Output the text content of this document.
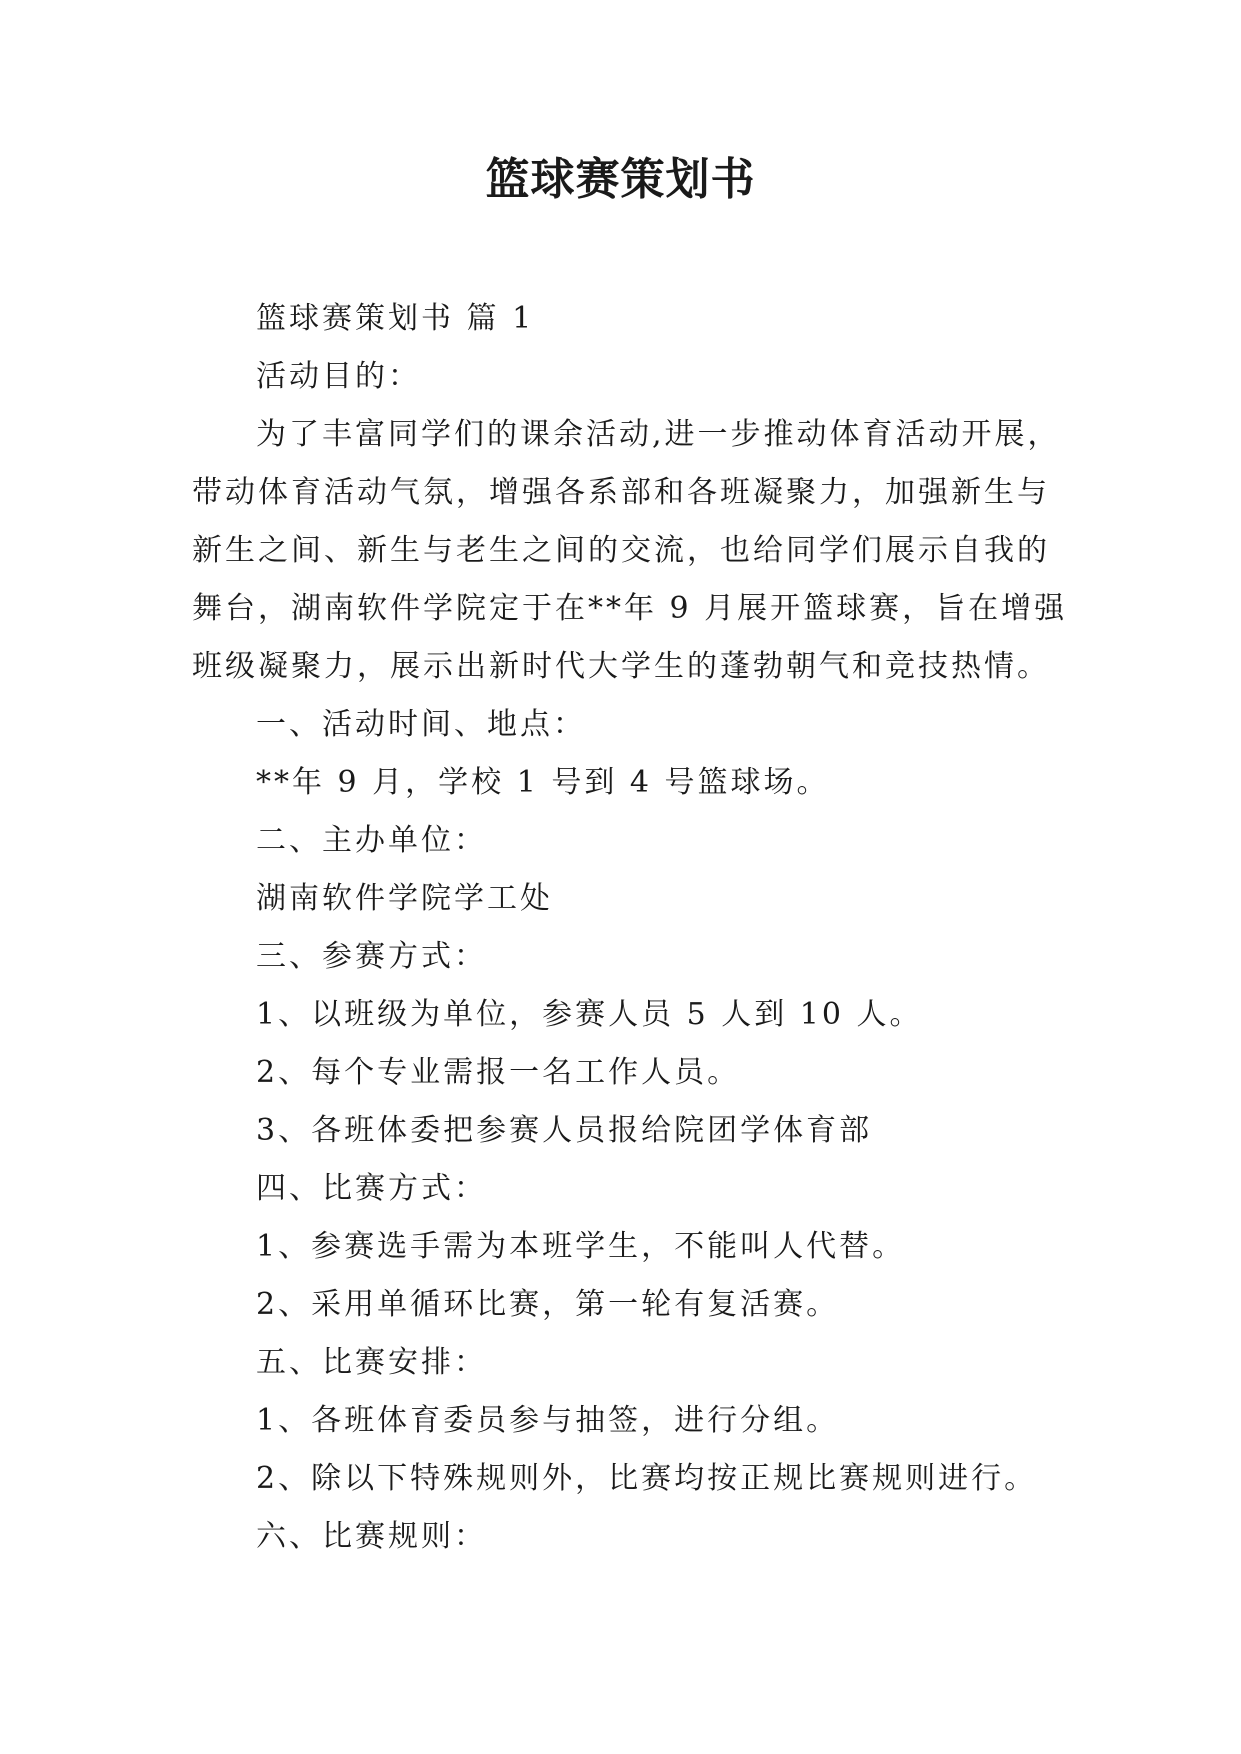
篮球赛策划书

篮球赛策划书 篇 1

活动目的：

为了丰富同学们的课余活动,进一步推动体育活动开展，

带动体育活动气氛，增强各系部和各班凝聚力，加强新生与

新生之间、新生与老生之间的交流，也给同学们展示自我的

舞台，湖南软件学院定于在**年 9 月展开篮球赛，旨在增强

班级凝聚力，展示出新时代大学生的蓬勃朝气和竞技热情。

一、活动时间、地点：

**年 9 月，学校 1 号到 4 号篮球场。

二、主办单位：

湖南软件学院学工处

三、参赛方式：

1、以班级为单位，参赛人员 5 人到 10 人。

2、每个专业需报一名工作人员。

3、各班体委把参赛人员报给院团学体育部

四、比赛方式：

1、参赛选手需为本班学生，不能叫人代替。

2、采用单循环比赛，第一轮有复活赛。

五、比赛安排：

1、各班体育委员参与抽签，进行分组。

2、除以下特殊规则外，比赛均按正规比赛规则进行。

六、比赛规则：
